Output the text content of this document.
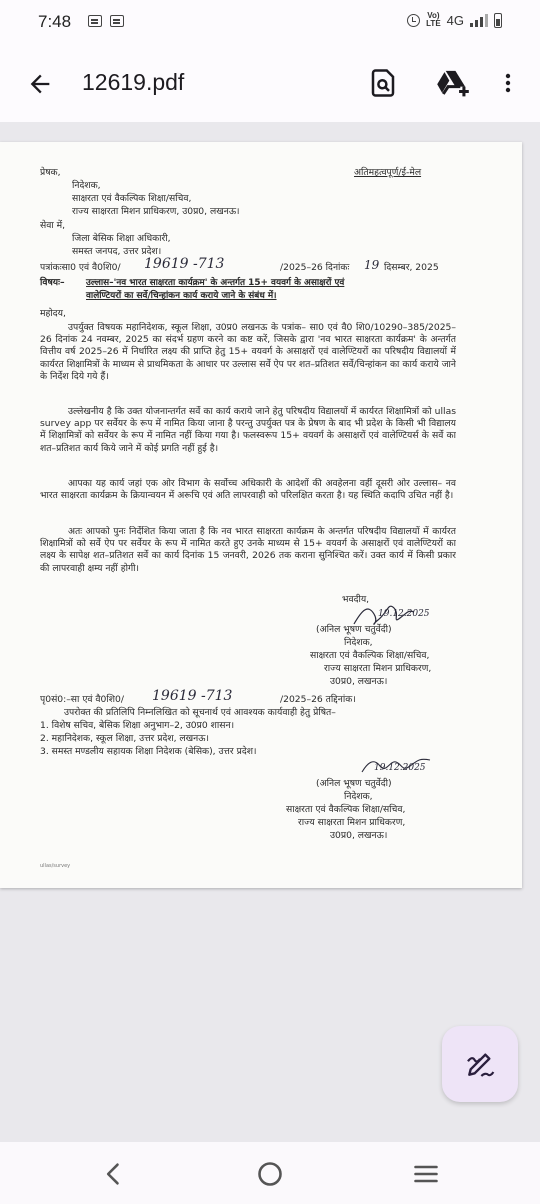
7:48	Vo)
LTE 4G
12619.pdf
अतिमहत्वपूर्ण/ई-मेल
प्रेषक,
निदेशक,
साक्षरता एवं वैकल्पिक शिक्षा/सचिव,
राज्य साक्षरता मिशन प्राधिकरण, उ0प्र0, लखनऊ।
सेवा में,
जिला बेसिक शिक्षा अधिकारी,
समस्त जनपद, उत्तर प्रदेश।
पत्रांकःसा0 एवं वै0शि0/ 19619 -713	/2025–26 दिनांकः 19 दिसम्बर, 2025
विषयः– उल्लास–'नव भारत साक्षरता कार्यक्रम' के अन्तर्गत 15+ वयवर्ग के असाक्षरों एवं
वालेण्टियरों का सर्वे/चिन्हांकन कार्य कराये जाने के संबंध में।
महोदय,
उपर्युक्त विषयक महानिदेशक, स्कूल शिक्षा, उ0प्र0 लखनऊ के पत्रांक– सा0 एवं वै0 शि0/10290–385/2025–26 दिनांक 24 नवम्बर, 2025 का संदर्भ ग्रहण करने का कष्ट करें, जिसके द्वारा 'नव भारत साक्षरता कार्यक्रम' के अन्तर्गत वित्तीय वर्ष 2025–26 में निर्धारित लक्ष्य की प्राप्ति हेतु 15+ वयवर्ग के असाक्षरों एवं वालेण्टियरों का परिषदीय विद्यालयों में कार्यरत शिक्षामित्रों के माध्यम से प्राथमिकता के आधार पर उल्लास सर्वे ऐप पर शत–प्रतिशत सर्वे/चिन्हांकन का कार्य कराये जाने के निर्देश दिये गये हैं।
उल्लेखनीय है कि उक्त योजनान्तर्गत सर्वे का कार्य कराये जाने हेतु परिषदीय विद्यालयों में कार्यरत शिक्षामित्रों को ullas survey app पर सर्वेयर के रूप में नामित किया जाना है परन्तु उपर्युक्त पत्र के प्रेषण के बाद भी प्रदेश के किसी भी विद्यालय में शिक्षामित्रों को सर्वेयर के रूप में नामित नहीं किया गया है। फलस्वरूप 15+ वयवर्ग के असाक्षरों एवं वालेण्टियर्स के सर्वे का शत–प्रतिशत कार्य किये जाने में कोई प्रगति नहीं हुई है।
आपका यह कार्य जहां एक ओर विभाग के सर्वोच्च अधिकारी के आदेशों की अवहेलना वहीं दूसरी ओर उल्लास– नव भारत साक्षरता कार्यक्रम के क्रियान्वयन में अरूचि एवं अति लापरवाही को परिलक्षित करता है। यह स्थिति कदापि उचित नहीं है।
अतः आपको पुनः निर्देशित किया जाता है कि नव भारत साक्षरता कार्यक्रम के अन्तर्गत परिषदीय विद्यालयों में कार्यरत शिक्षामित्रों को सर्वे ऐप पर सर्वेयर के रूप में नामित करते हुए उनके माध्यम से 15+ वयवर्ग के असाक्षरों एवं वालेण्टियरों का लक्ष्य के सापेक्ष शत–प्रतिशत सर्वे का कार्य दिनांक 15 जनवरी, 2026 तक कराना सुनिश्चित करें। उक्त कार्य में किसी प्रकार की लापरवाही क्षम्य नहीं होगी।
भवदीय,
19.12.2025
(अनिल भूषण चतुर्वेदी)
निदेशक,
साक्षरता एवं वैकल्पिक शिक्षा/सचिव,
राज्य साक्षरता मिशन प्राधिकरण,
उ0प्र0, लखनऊ।
पृ0सं0:–सा एवं वै0शि0/ 19619 -713	/2025–26 तद्दिनांक।
उपरोक्त की प्रतिलिपि निम्नलिखित को सूचनार्थ एवं आवश्यक कार्यवाही हेतु प्रेषित–
1. विशेष सचिव, बेसिक शिक्षा अनुभाग–2, उ0प्र0 शासन।
2. महानिदेशक, स्कूल शिक्षा, उत्तर प्रदेश, लखनऊ।
3. समस्त मण्डलीय सहायक शिक्षा निदेशक (बेसिक), उत्तर प्रदेश।
19.12.2025
(अनिल भूषण चतुर्वेदी)
निदेशक,
साक्षरता एवं वैकल्पिक शिक्षा/सचिव,
राज्य साक्षरता मिशन प्राधिकरण,
उ0प्र0, लखनऊ।
ullas/survey
